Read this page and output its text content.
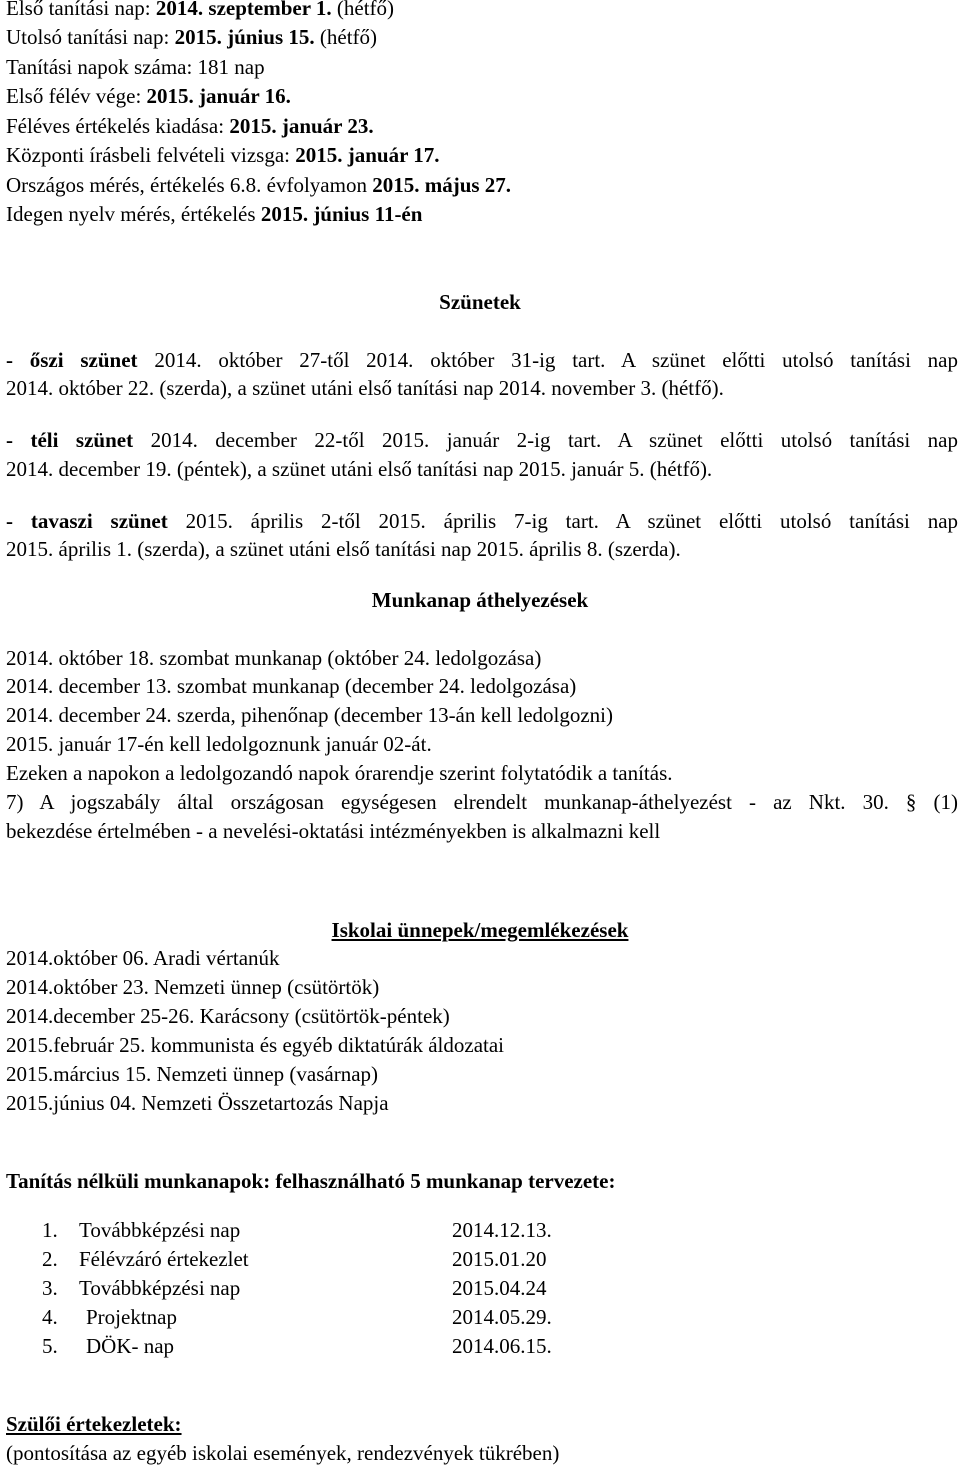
Első tanítási nap: 2014. szeptember 1. (hétfő)
Utolsó tanítási nap: 2015. június 15. (hétfő)
Tanítási napok száma: 181 nap
Első félév vége: 2015. január 16.
Féléves értékelés kiadása: 2015. január 23.
Központi írásbeli felvételi vizsga: 2015. január 17.
Országos mérés, értékelés 6.8. évfolyamon 2015. május 27.
Idegen nyelv mérés, értékelés 2015. június 11-én
Szünetek
- őszi szünet 2014. október 27-től 2014. október 31-ig tart. A szünet előtti utolsó tanítási nap
2014. október 22. (szerda), a szünet utáni első tanítási nap 2014. november 3. (hétfő).
- téli szünet 2014. december 22-től 2015. január 2-ig tart. A szünet előtti utolsó tanítási nap
2014. december 19. (péntek), a szünet utáni első tanítási nap 2015. január 5. (hétfő).
- tavaszi szünet 2015. április 2-től 2015. április 7-ig tart. A szünet előtti utolsó tanítási nap
2015. április 1. (szerda), a szünet utáni első tanítási nap 2015. április 8. (szerda).
Munkanap áthelyezések
2014. október 18. szombat munkanap (október 24. ledolgozása)
2014. december 13. szombat munkanap (december 24. ledolgozása)
2014. december 24. szerda, pihenőnap (december 13-án kell ledolgozni)
2015. január 17-én kell ledolgoznunk január 02-át.
Ezeken a napokon a ledolgozandó napok órarendje szerint folytatódik a tanítás.
7) A jogszabály által országosan egységesen elrendelt munkanap-áthelyezést - az Nkt. 30. § (1)
bekezdése értelmében - a nevelési-oktatási intézményekben is alkalmazni kell
Iskolai ünnepek/megemlékezések
2014.október 06. Aradi vértanúk
2014.október 23. Nemzeti ünnep (csütörtök)
2014.december 25-26. Karácsony (csütörtök-péntek)
2015.február 25. kommunista és egyéb diktatúrák áldozatai
2015.március 15. Nemzeti ünnep (vasárnap)
2015.június 04. Nemzeti Összetartozás Napja
Tanítás nélküli munkanapok: felhasználható 5 munkanap tervezete:
1. Továbbképzési nap	2014.12.13.
2. Félévzáró értekezlet	2015.01.20
3. Továbbképzési nap	2015.04.24
4. Projektnap	2014.05.29.
5. DÖK- nap	2014.06.15.
Szülői értekezletek:
(pontosítása az egyéb iskolai események, rendezvények tükrében)
